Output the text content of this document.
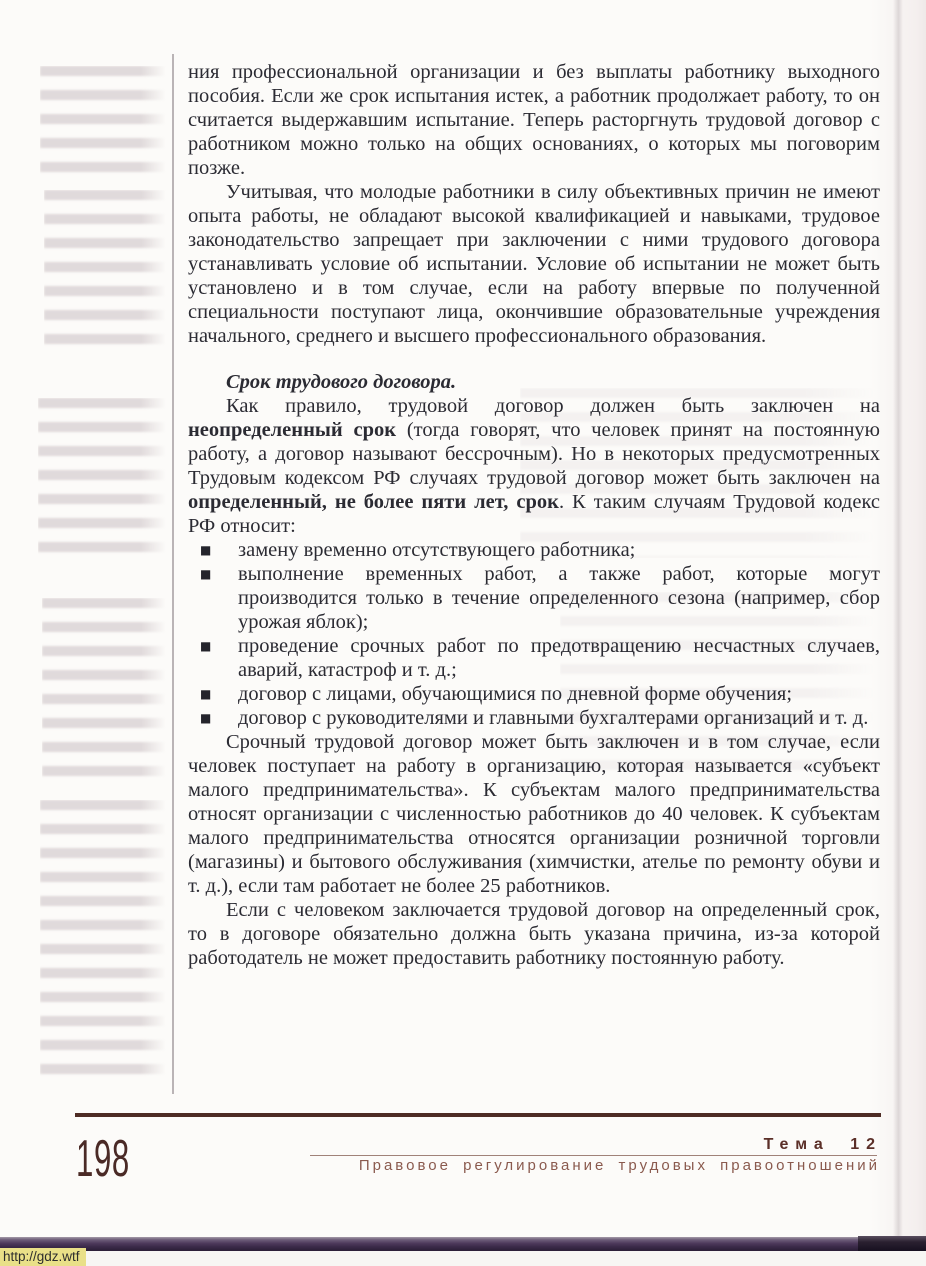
ния профессиональной организации и без выплаты работнику выходного пособия. Если же срок испытания истек, а работник продолжает работу, то он считается выдержавшим испытание. Теперь расторгнуть трудовой договор с работником можно только на общих основаниях, о которых мы поговорим позже.

Учитывая, что молодые работники в силу объективных причин не имеют опыта работы, не обладают высокой квалификацией и навыками, трудовое законодательство запрещает при заключении с ними трудового договора устанавливать условие об испытании. Условие об испытании не может быть установлено и в том случае, если на работу впервые по полученной специальности поступают лица, окончившие образовательные учреждения начального, среднего и высшего профессионального образования.

Срок трудового договора.

Как правило, трудовой договор должен быть заключен на неопределенный срок (тогда говорят, что человек принят на постоянную работу, а договор называют бессрочным). Но в некоторых предусмотренных Трудовым кодексом РФ случаях трудовой договор может быть заключен на определенный, не более пяти лет, срок. К таким случаям Трудовой кодекс РФ относит:

■	замену временно отсутствующего работника;
■	выполнение временных работ, а также работ, которые могут производится только в течение определенного сезона (например, сбор урожая яблок);
■	проведение срочных работ по предотвращению несчастных случаев, аварий, катастроф и т. д.;
■	договор с лицами, обучающимися по дневной форме обучения;
■	договор с руководителями и главными бухгалтерами организаций и т. д.

Срочный трудовой договор может быть заключен и в том случае, если человек поступает на работу в организацию, которая называется «субъект малого предпринимательства». К субъектам малого предпринимательства относят организации с численностью работников до 40 человек. К субъектам малого предпринимательства относятся организации розничной торговли (магазины) и бытового обслуживания (химчистки, ателье по ремонту обуви и т. д.), если там работает не более 25 работников.

Если с человеком заключается трудовой договор на определенный срок, то в договоре обязательно должна быть указана причина, из-за которой работодатель не может предоставить работнику постоянную работу.

198	Тема 12
Правовое регулирование трудовых правоотношений
http://gdz.wtf
